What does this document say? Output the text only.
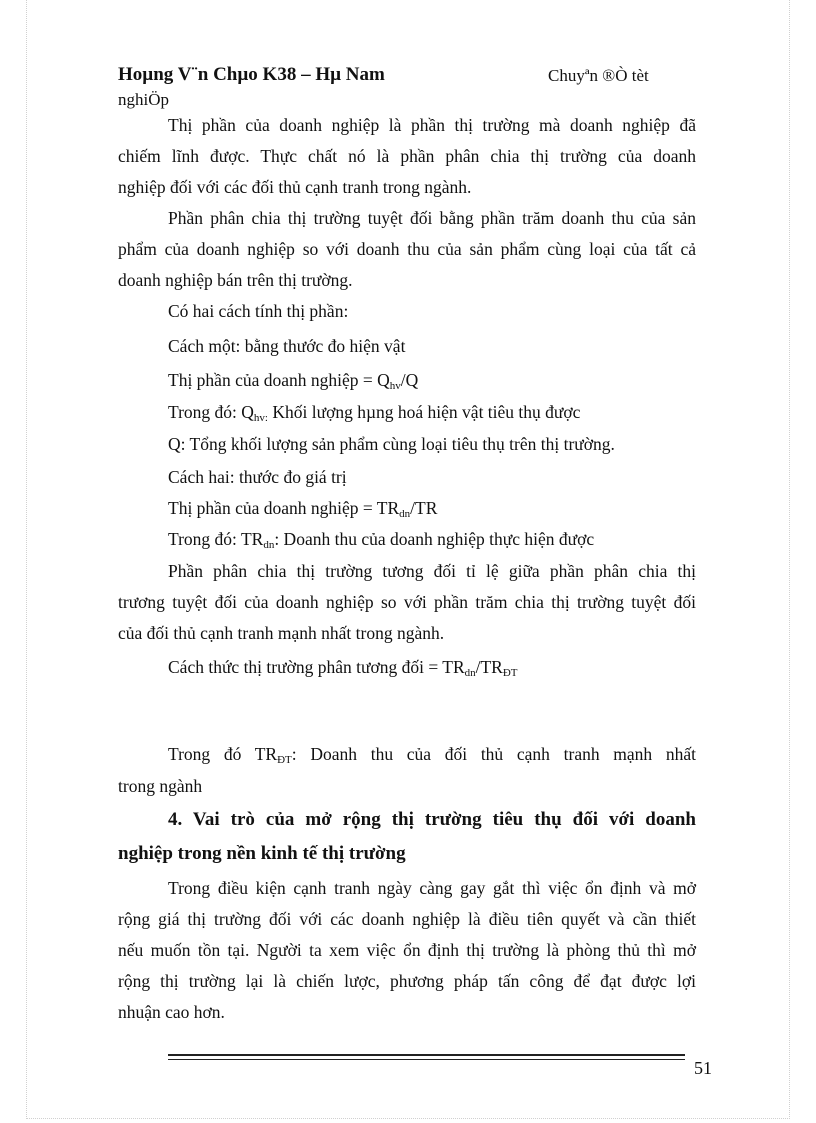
Hoµng V¨n Chµo K38 – Hµ Nam	Chuyªn ®Ò tèt
nghiÖp
Thị phần của doanh nghiệp là phần thị trường mà doanh nghiệp đã
chiếm lĩnh được. Thực chất nó là phần phân chia thị trường của doanh
nghiệp đối với các đối thủ cạnh tranh trong ngành.
Phần phân chia thị trường tuyệt đối bằng phần trăm doanh thu của sản
phẩm của doanh nghiệp so với doanh thu của sản phẩm cùng loại của tất cả
doanh nghiệp bán trên thị trường.
Có hai cách tính thị phần:
Cách một: bằng thước đo hiện vật
Thị phần của doanh nghiệp = $Q_{hv}/Q$
Trong đó: $Q_{hv:}$ Khối lượng hµng hoá hiện vật tiêu thụ được
Q: Tổng khối lượng sản phẩm cùng loại tiêu thụ trên thị trường.
Cách hai: thước đo giá trị
Thị phần của doanh nghiệp = $TR_{dn}/TR$
Trong đó: $TR_{dn}$: Doanh thu của doanh nghiệp thực hiện được
Phần phân chia thị trường tương đối tỉ lệ giữa phần phân chia thị
trương tuyệt đối của doanh nghiệp so với phần trăm chia thị trường tuyệt đối
của đối thủ cạnh tranh mạnh nhất trong ngành.
Cách thức thị trường phân tương đối = $TR_{dn}/TR_{ĐT}$
Trong đó $TR_{ĐT}$: Doanh thu của đối thủ cạnh tranh mạnh nhất
trong ngành
4. Vai trò của mở rộng thị trường tiêu thụ đối với doanh
nghiệp trong nền kinh tế thị trường
Trong điều kiện cạnh tranh ngày càng gay gắt thì việc ổn định và mở
rộng giá thị trường đối với các doanh nghiệp là điều tiên quyết và cần thiết
nếu muốn tồn tại. Người ta xem việc ổn định thị trường là phòng thủ thì mở
rộng thị trường lại là chiến lược, phương pháp tấn công để đạt được lợi
nhuận cao hơn.
51
